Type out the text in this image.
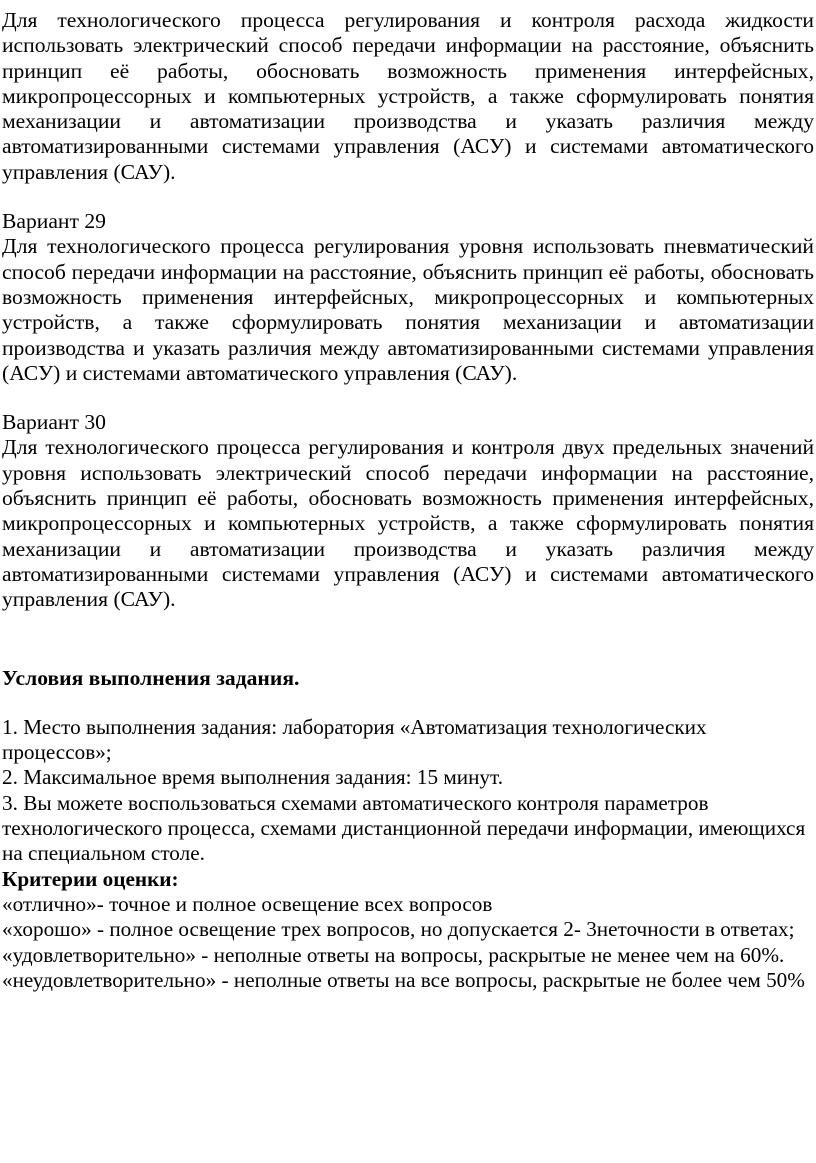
Для технологического процесса регулирования и контроля расхода жидкости использовать электрический способ передачи информации на расстояние, объяснить принцип её работы, обосновать возможность применения интерфейсных, микропроцессорных и компьютерных устройств, а также сформулировать понятия механизации и автоматизации производства и указать различия между автоматизированными системами управления (АСУ) и системами автоматического управления (САУ).

Вариант 29

Для технологического процесса регулирования уровня использовать пневматический способ передачи информации на расстояние, объяснить принцип её работы, обосновать возможность применения интерфейсных, микропроцессорных и компьютерных устройств, а также сформулировать понятия механизации и автоматизации производства и указать различия между автоматизированными системами управления (АСУ) и системами автоматического управления (САУ).

Вариант 30

Для технологического процесса регулирования и контроля двух предельных значений уровня использовать электрический способ передачи информации на расстояние, объяснить принцип её работы, обосновать возможность применения интерфейсных, микропроцессорных и компьютерных устройств, а также сформулировать понятия механизации и автоматизации производства и указать различия между автоматизированными системами управления (АСУ) и системами автоматического управления (САУ).

Условия выполнения задания.

1. Место выполнения задания: лаборатория «Автоматизация технологических процессов»;

2. Максимальное время выполнения задания: 15 минут.

3. Вы можете воспользоваться схемами автоматического контроля параметров технологического процесса, схемами дистанционной передачи информации, имеющихся на специальном столе.

Критерии оценки:

«отлично»- точное и полное освещение всех вопросов

«хорошо» - полное освещение трех вопросов, но допускается 2- 3неточности в ответах;

«удовлетворительно» - неполные ответы на вопросы, раскрытые не менее чем на 60%.

«неудовлетворительно» - неполные ответы на все вопросы, раскрытые не более чем 50%
